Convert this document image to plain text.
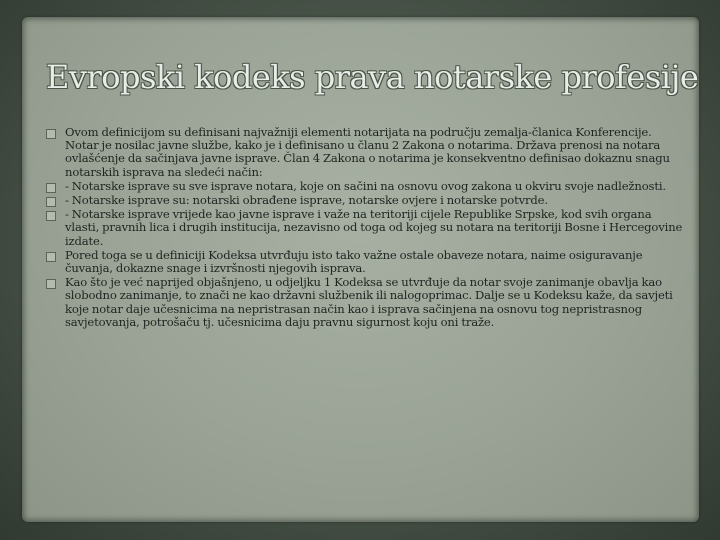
Evropski kodeks prava notarske profesije
Ovom definicijom su definisani najvažniji elementi notarijata na području zemalja-članica Konferencije. Notar je nosilac javne službe, kako je i definisano u članu 2 Zakona o notarima. Država prenosi na notara ovlašćenje da sačinjava javne isprave. Član 4 Zakona o notarima je konsekventno definisao dokaznu snagu notarskih isprava na sledeći način:
- Notarske isprave su sve isprave notara, koje on sačini na osnovu ovog zakona u okviru svoje nadležnosti.
- Notarske isprave su: notarski obrađene isprave, notarske ovjere i notarske potvrde.
- Notarske isprave vrijede kao javne isprave i važe na teritoriji cijele Republike Srpske, kod svih organa vlasti, pravnih lica i drugih institucija, nezavisno od toga od kojeg su notara na teritoriji Bosne i Hercegovine izdate.
Pored toga se u definiciji Kodeksa utvrđuju isto tako važne ostale obaveze notara, naime osiguravanje čuvanja, dokazne snage i izvršnosti njegovih isprava.
Kao što je već naprijed objašnjeno, u odjeljku 1 Kodeksa se utvrđuje da notar svoje zanimanje obavlja kao slobodno zanimanje, to znači ne kao državni službenik ili nalogoprimac. Dalje se u Kodeksu kaže, da savjeti koje notar daje učesnicima na nepristrasan način kao i isprava sačinjena na osnovu tog nepristrasnog savjetovanja, potrošaču tj. učesnicima daju pravnu sigurnost koju oni traže.
